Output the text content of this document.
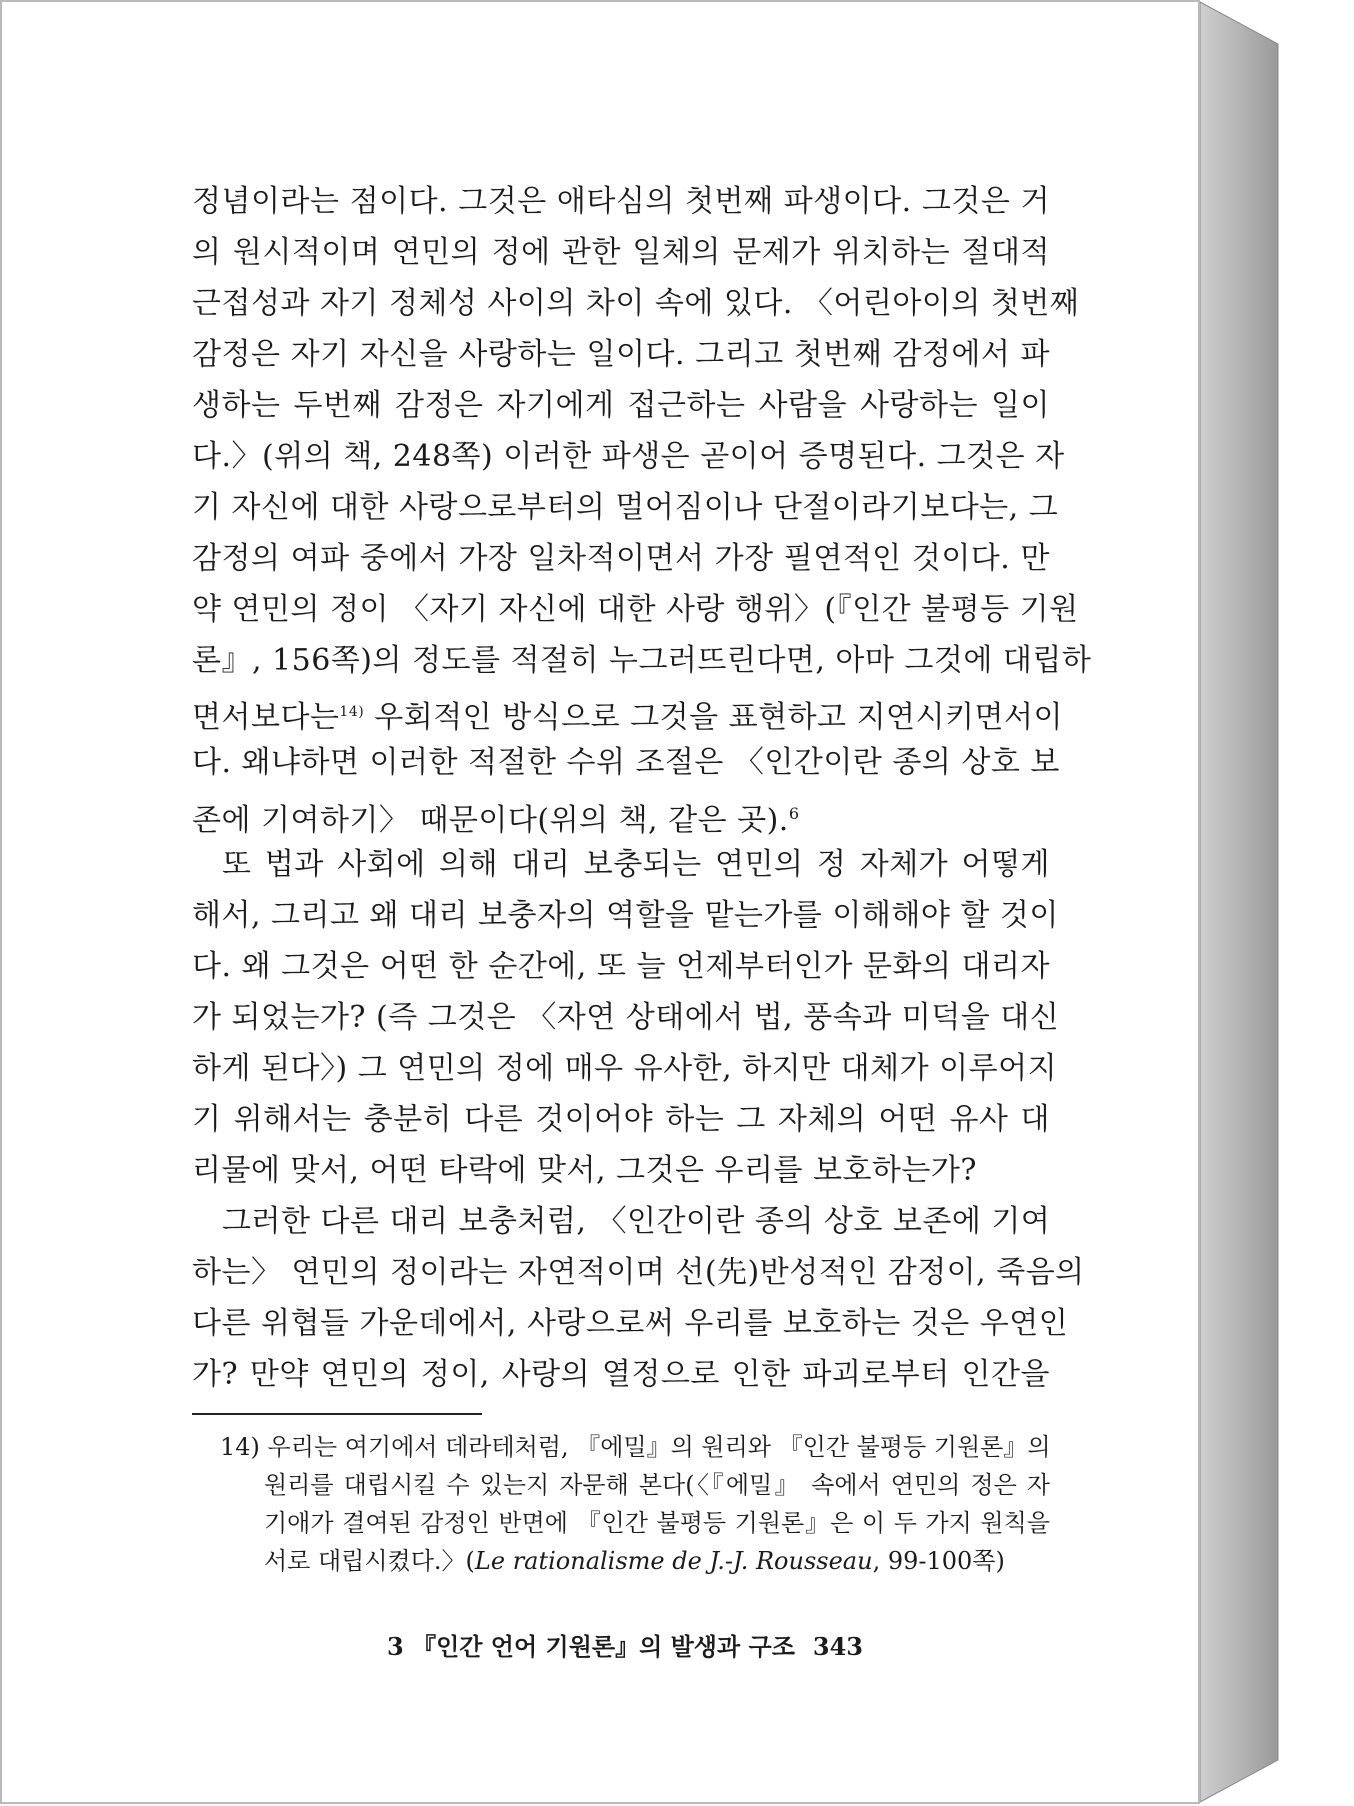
정념이라는 점이다. 그것은 애타심의 첫번째 파생이다. 그것은 거
의 원시적이며 연민의 정에 관한 일체의 문제가 위치하는 절대적
근접성과 자기 정체성 사이의 차이 속에 있다. 〈어린아이의 첫번째
감정은 자기 자신을 사랑하는 일이다. 그리고 첫번째 감정에서 파
생하는 두번째 감정은 자기에게 접근하는 사람을 사랑하는 일이
다.〉(위의 책, 248쪽) 이러한 파생은 곧이어 증명된다. 그것은 자
기 자신에 대한 사랑으로부터의 멀어짐이나 단절이라기보다는, 그
감정의 여파 중에서 가장 일차적이면서 가장 필연적인 것이다. 만
약 연민의 정이 〈자기 자신에 대한 사랑 행위〉(『인간 불평등 기원
론』, 156쪽)의 정도를 적절히 누그러뜨린다면, 아마 그것에 대립하
면서보다는$^{14)}$ 우회적인 방식으로 그것을 표현하고 지연시키면서이
다. 왜냐하면 이러한 적절한 수위 조절은 〈인간이란 종의 상호 보
존에 기여하기〉 때문이다(위의 책, 같은 곳).$^6$
또 법과 사회에 의해 대리 보충되는 연민의 정 자체가 어떻게
해서, 그리고 왜 대리 보충자의 역할을 맡는가를 이해해야 할 것이
다. 왜 그것은 어떤 한 순간에, 또 늘 언제부터인가 문화의 대리자
가 되었는가? (즉 그것은 〈자연 상태에서 법, 풍속과 미덕을 대신
하게 된다〉) 그 연민의 정에 매우 유사한, 하지만 대체가 이루어지
기 위해서는 충분히 다른 것이어야 하는 그 자체의 어떤 유사 대
리물에 맞서, 어떤 타락에 맞서, 그것은 우리를 보호하는가?
그러한 다른 대리 보충처럼, 〈인간이란 종의 상호 보존에 기여
하는〉 연민의 정이라는 자연적이며 선(先)반성적인 감정이, 죽음의
다른 위협들 가운데에서, 사랑으로써 우리를 보호하는 것은 우연인
가? 만약 연민의 정이, 사랑의 열정으로 인한 파괴로부터 인간을
14) 우리는 여기에서 데라테처럼, 『에밀』의 원리와 『인간 불평등 기원론』의
원리를 대립시킬 수 있는지 자문해 본다(〈『에밀』 속에서 연민의 정은 자
기애가 결여된 감정인 반면에 『인간 불평등 기원론』은 이 두 가지 원칙을
서로 대립시켰다.〉(Le rationalisme de J.-J. Rousseau, 99-100쪽)
3 『인간 언어 기원론』의 발생과 구조 343
